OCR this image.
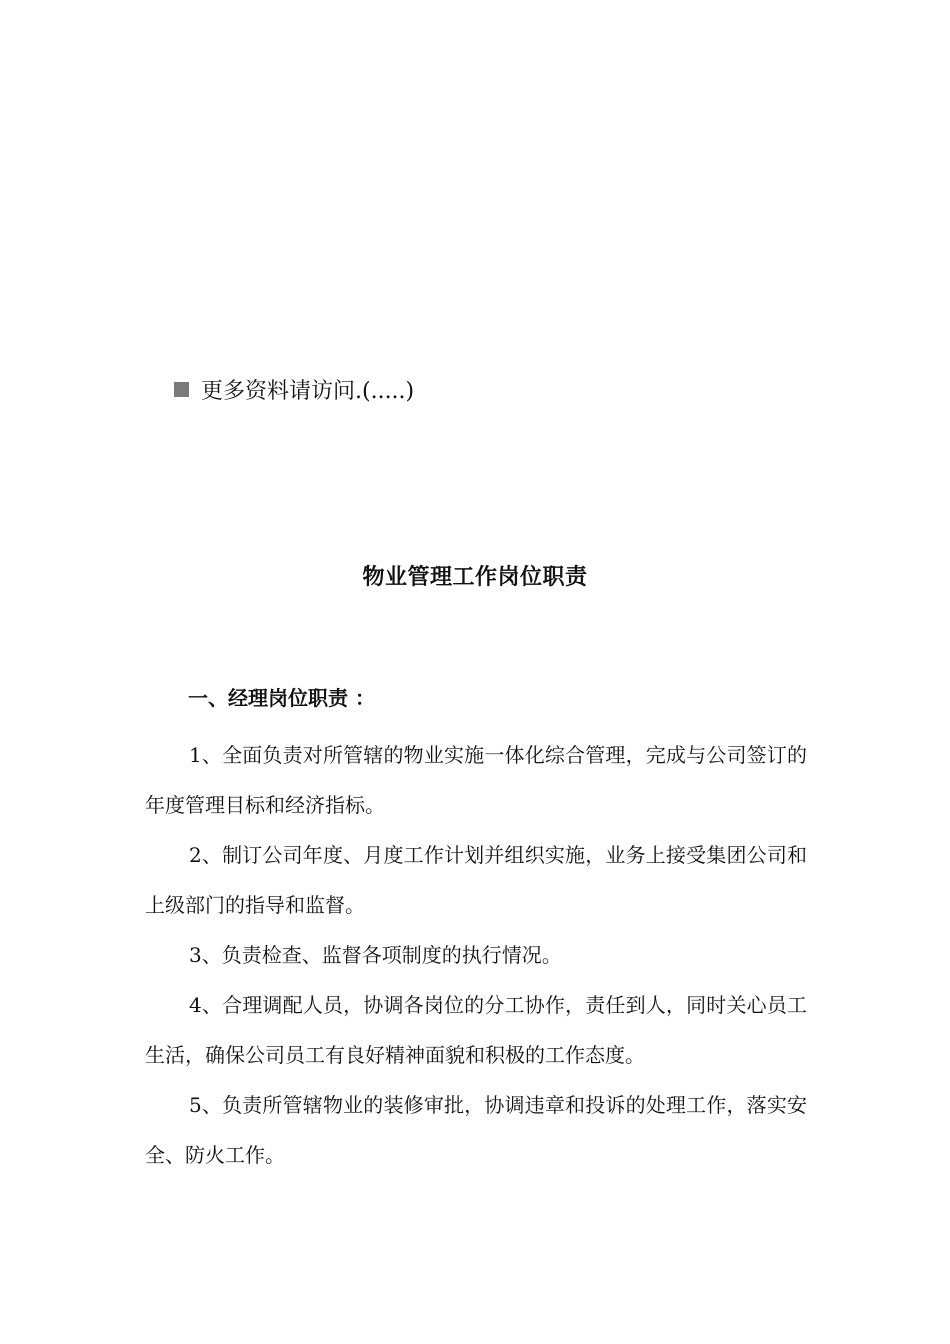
更多资料请访问.(.....)
物业管理工作岗位职责
一、经理岗位职责 ：

1、全面负责对所管辖的物业实施一体化综合管理，完成与公司签订的年度管理目标和经济指标。

2、制订公司年度、月度工作计划并组织实施，业务上接受集团公司和上级部门的指导和监督。

3、负责检查、监督各项制度的执行情况。

4、合理调配人员，协调各岗位的分工协作，责任到人，同时关心员工生活，确保公司员工有良好精神面貌和积极的工作态度。

5、负责所管辖物业的装修审批，协调违章和投诉的处理工作，落实安全、防火工作。
